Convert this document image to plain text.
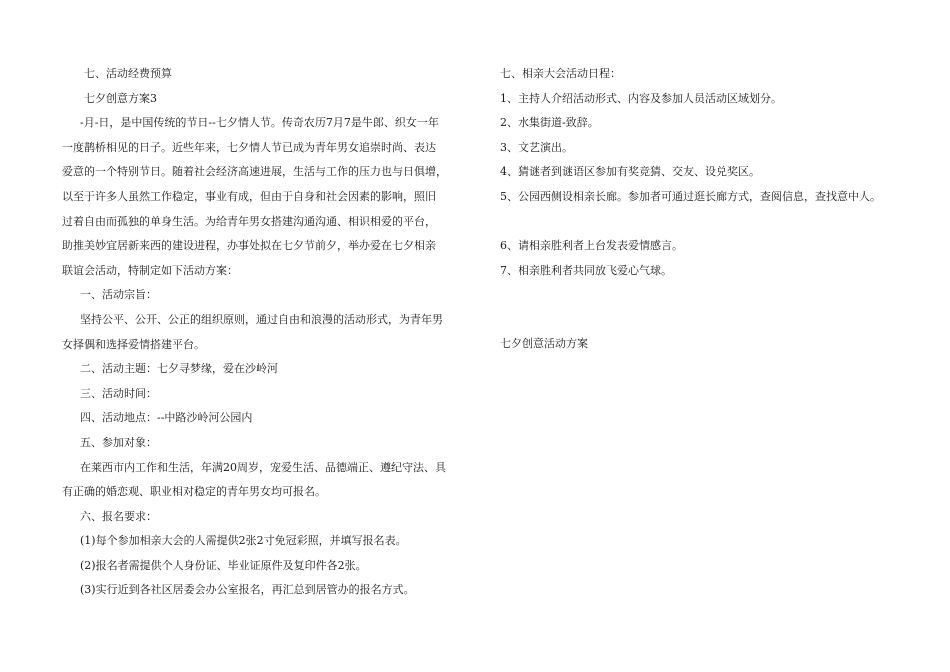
七、活动经费预算
七夕创意方案3
-月-日，是中国传统的节日--七夕情人节。传奇农历7月7是牛郎、织女一年
一度鹊桥相见的日子。近些年来，七夕情人节已成为青年男女追崇时尚、表达
爱意的一个特别节日。随着社会经济高速进展，生活与工作的压力也与日俱增，
以至于许多人虽然工作稳定，事业有成，但由于自身和社会因素的影响，照旧
过着自由而孤独的单身生活。为给青年男女搭建沟通沟通、相识相爱的平台，
助推美妙宜居新来西的建设进程，办事处拟在七夕节前夕，举办爱在七夕相亲
联谊会活动，特制定如下活动方案：
一、活动宗旨：
坚持公平、公开、公正的组织原则，通过自由和浪漫的活动形式，为青年男
女择偶和选择爱情搭建平台。
二、活动主题：七夕寻梦缘，爱在沙岭河
三、活动时间：
四、活动地点：--中路沙岭河公园内
五、参加对象：
在莱西市内工作和生活，年满20周岁，宠爱生活、品德端正、遵纪守法、具
有正确的婚恋观、职业相对稳定的青年男女均可报名。
六、报名要求：
(1)每个参加相亲大会的人需提供2张2寸免冠彩照，并填写报名表。
(2)报名者需提供个人身份证、毕业证原件及复印件各2张。
(3)实行近到各社区居委会办公室报名，再汇总到居管办的报名方式。
七、相亲大会活动日程：
1、主持人介绍活动形式、内容及参加人员活动区域划分。
2、水集街道-致辞。
3、文艺演出。
4、猜谜者到谜语区参加有奖竞猜、交友、设兑奖区。
5、公园西侧设相亲长廊。参加者可通过逛长廊方式，查阅信息，查找意中人。
6、请相亲胜利者上台发表爱情感言。
7、相亲胜利者共同放飞爱心气球。
七夕创意活动方案
